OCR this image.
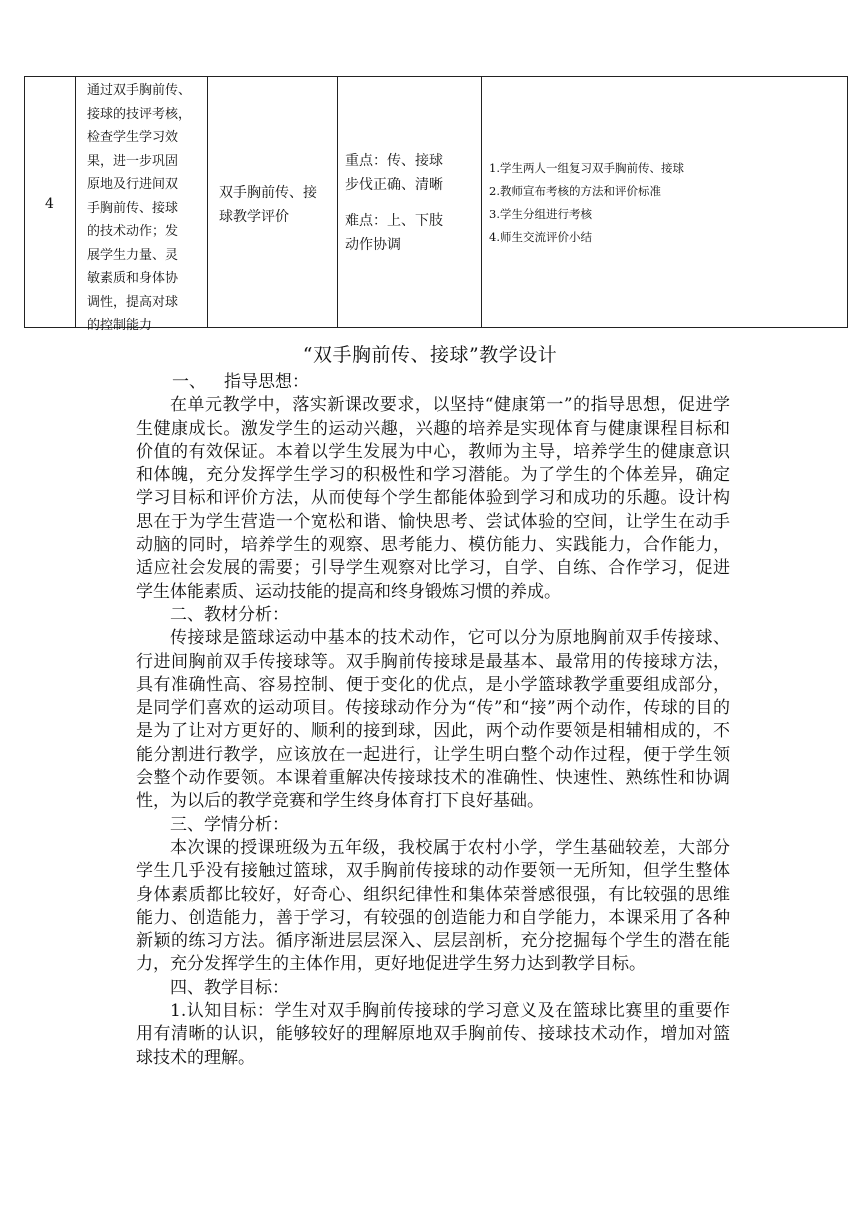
4
通过双手胸前传、
接球的技评考核，
检查学生学习效
果，进一步巩固
原地及行进间双
手胸前传、接球
的技术动作；发
展学生力量、灵
敏素质和身体协
调性，提高对球
的控制能力
双手胸前传、接
球教学评价
重点：传、接球
步伐正确、清晰
难点：上、下肢
动作协调
1.学生两人一组复习双手胸前传、接球
2.教师宣布考核的方法和评价标准
3.学生分组进行考核
4.师生交流评价小结
“双手胸前传、接球”教学设计

一、 指导思想：

在单元教学中，落实新课改要求，以坚持“健康第一”的指导思想，促进学生健康成长。激发学生的运动兴趣，兴趣的培养是实现体育与健康课程目标和价值的有效保证。本着以学生发展为中心，教师为主导，培养学生的健康意识和体魄，充分发挥学生学习的积极性和学习潜能。为了学生的个体差异，确定学习目标和评价方法，从而使每个学生都能体验到学习和成功的乐趣。设计构思在于为学生营造一个宽松和谐、愉快思考、尝试体验的空间，让学生在动手动脑的同时，培养学生的观察、思考能力、模仿能力、实践能力，合作能力，适应社会发展的需要；引导学生观察对比学习，自学、自练、合作学习，促进学生体能素质、运动技能的提高和终身锻炼习惯的养成。

二、教材分析：

传接球是篮球运动中基本的技术动作，它可以分为原地胸前双手传接球、行进间胸前双手传接球等。双手胸前传接球是最基本、最常用的传接球方法，具有准确性高、容易控制、便于变化的优点，是小学篮球教学重要组成部分，是同学们喜欢的运动项目。传接球动作分为“传”和“接”两个动作，传球的目的是为了让对方更好的、顺利的接到球，因此，两个动作要领是相辅相成的，不能分割进行教学，应该放在一起进行，让学生明白整个动作过程，便于学生领会整个动作要领。本课着重解决传接球技术的准确性、快速性、熟练性和协调性，为以后的教学竞赛和学生终身体育打下良好基础。

三、学情分析：

本次课的授课班级为五年级，我校属于农村小学，学生基础较差，大部分学生几乎没有接触过篮球，双手胸前传接球的动作要领一无所知，但学生整体身体素质都比较好，好奇心、组织纪律性和集体荣誉感很强，有比较强的思维能力、创造能力，善于学习，有较强的创造能力和自学能力，本课采用了各种新颖的练习方法。循序渐进层层深入、层层剖析，充分挖掘每个学生的潜在能力，充分发挥学生的主体作用，更好地促进学生努力达到教学目标。

四、教学目标：

1.认知目标：学生对双手胸前传接球的学习意义及在篮球比赛里的重要作用有清晰的认识，能够较好的理解原地双手胸前传、接球技术动作，增加对篮球技术的理解。
